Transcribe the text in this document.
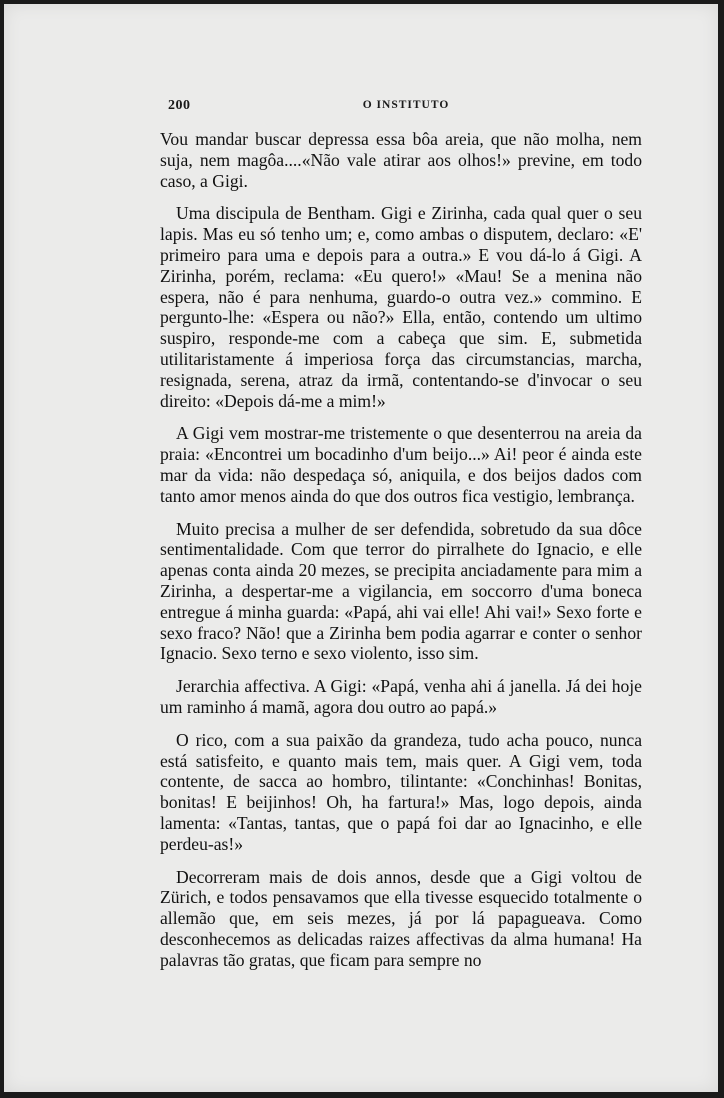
200	O INSTITUTO

Vou mandar buscar depressa essa bôa areia, que não molha, nem suja, nem magôa....«Não vale atirar aos olhos!» previne, em todo caso, a Gigi.

Uma discipula de Bentham. Gigi e Zirinha, cada qual quer o seu lapis. Mas eu só tenho um; e, como ambas o disputem, declaro: «E' primeiro para uma e depois para a outra.» E vou dá-lo á Gigi. A Zirinha, porém, reclama: «Eu quero!» «Mau! Se a menina não espera, não é para nenhuma, guardo-o outra vez.» commino. E pergunto-lhe: «Espera ou não?» Ella, então, contendo um ultimo suspiro, responde-me com a cabeça que sim. E, submetida utilitaristamente á imperiosa força das circumstancias, marcha, resignada, serena, atraz da irmã, contentando-se d'invocar o seu direito: «Depois dá-me a mim!»

A Gigi vem mostrar-me tristemente o que desenterrou na areia da praia: «Encontrei um bocadinho d'um beijo...» Ai! peor é ainda este mar da vida: não despedaça só, aniquila, e dos beijos dados com tanto amor menos ainda do que dos outros fica vestigio, lembrança.

Muito precisa a mulher de ser defendida, sobretudo da sua dôce sentimentalidade. Com que terror do pirralhete do Ignacio, e elle apenas conta ainda 20 mezes, se precipita anciadamente para mim a Zirinha, a despertar-me a vigilancia, em soccorro d'uma boneca entregue á minha guarda: «Papá, ahi vai elle! Ahi vai!» Sexo forte e sexo fraco? Não! que a Zirinha bem podia agarrar e conter o senhor Ignacio. Sexo terno e sexo violento, isso sim.

Jerarchia affectiva. A Gigi: «Papá, venha ahi á janella. Já dei hoje um raminho á mamã, agora dou outro ao papá.»

O rico, com a sua paixão da grandeza, tudo acha pouco, nunca está satisfeito, e quanto mais tem, mais quer. A Gigi vem, toda contente, de sacca ao hombro, tilintante: «Conchinhas! Bonitas, bonitas! E beijinhos! Oh, ha fartura!» Mas, logo depois, ainda lamenta: «Tantas, tantas, que o papá foi dar ao Ignacinho, e elle perdeu-as!»

Decorreram mais de dois annos, desde que a Gigi voltou de Zürich, e todos pensavamos que ella tivesse esquecido totalmente o allemão que, em seis mezes, já por lá papagueava. Como desconhecemos as delicadas raizes affectivas da alma humana! Ha palavras tão gratas, que ficam para sempre no
